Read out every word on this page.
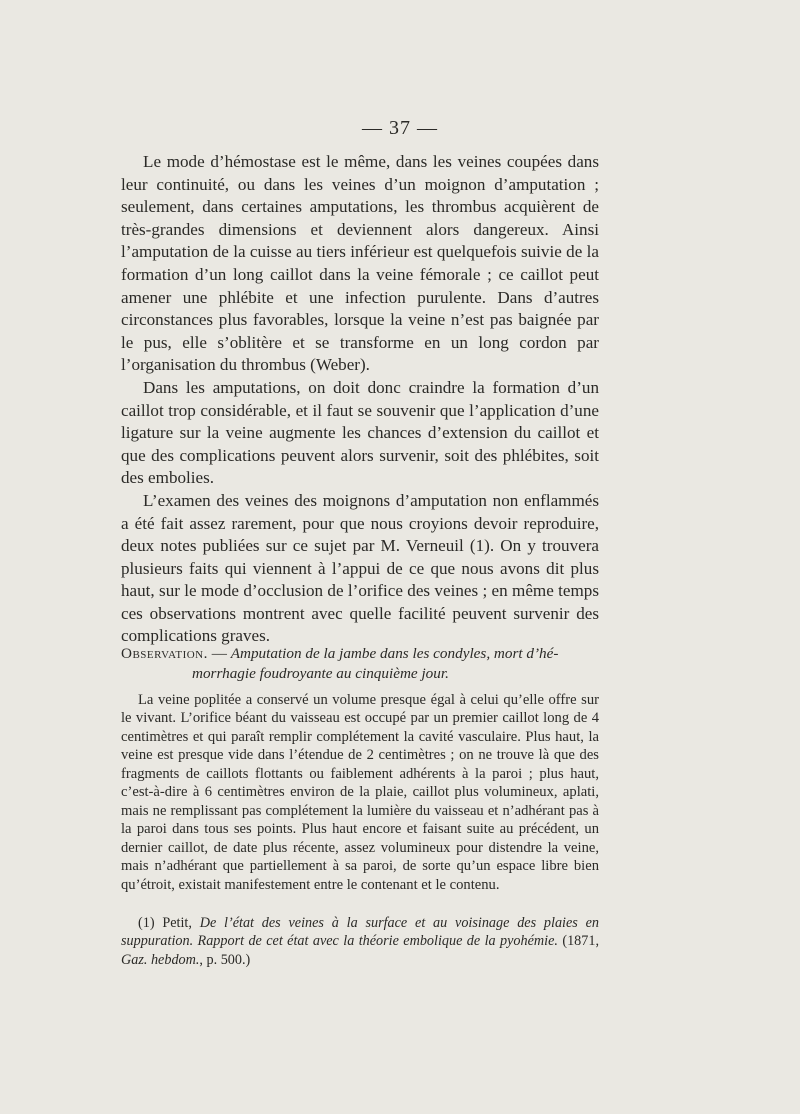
— 37 —

Le mode d’hémostase est le même, dans les veines coupées dans leur continuité, ou dans les veines d’un moignon d’amputation ; seulement, dans certaines amputations, les thrombus acquièrent de très-grandes dimensions et deviennent alors dangereux. Ainsi l’amputation de la cuisse au tiers inférieur est quelquefois suivie de la formation d’un long caillot dans la veine fémorale ; ce caillot peut amener une phlébite et une infection purulente. Dans d’autres circonstances plus favorables, lorsque la veine n’est pas baignée par le pus, elle s’oblitère et se transforme en un long cordon par l’organisation du thrombus (Weber).

Dans les amputations, on doit donc craindre la formation d’un caillot trop considérable, et il faut se souvenir que l’application d’une ligature sur la veine augmente les chances d’extension du caillot et que des complications peuvent alors survenir, soit des phlébites, soit des embolies.

L’examen des veines des moignons d’amputation non enflammés a été fait assez rarement, pour que nous croyions devoir reproduire, deux notes publiées sur ce sujet par M. Verneuil (1). On y trouvera plusieurs faits qui viennent à l’appui de ce que nous avons dit plus haut, sur le mode d’occlusion de l’orifice des veines ; en même temps ces observations montrent avec quelle facilité peuvent survenir des complications graves.

Observation. — Amputation de la jambe dans les condyles, mort d’hé-
morrhagie foudroyante au cinquième jour.

La veine poplitée a conservé un volume presque égal à celui qu’elle offre sur le vivant. L’orifice béant du vaisseau est occupé par un premier caillot long de 4 centimètres et qui paraît remplir complétement la cavité vasculaire. Plus haut, la veine est presque vide dans l’étendue de 2 centimètres ; on ne trouve là que des fragments de caillots flottants ou faiblement adhérents à la paroi ; plus haut, c’est-à-dire à 6 centimètres environ de la plaie, caillot plus volumineux, aplati, mais ne remplissant pas complétement la lumière du vaisseau et n’adhérant pas à la paroi dans tous ses points. Plus haut encore et faisant suite au précédent, un dernier caillot, de date plus récente, assez volumineux pour distendre la veine, mais n’adhérant que partiellement à sa paroi, de sorte qu’un espace libre bien qu’étroit, existait manifestement entre le contenant et le contenu.

(1) Petit, De l’état des veines à la surface et au voisinage des plaies en suppuration. Rapport de cet état avec la théorie embolique de la pyohémie. (1871, Gaz. hebdom., p. 500.)
